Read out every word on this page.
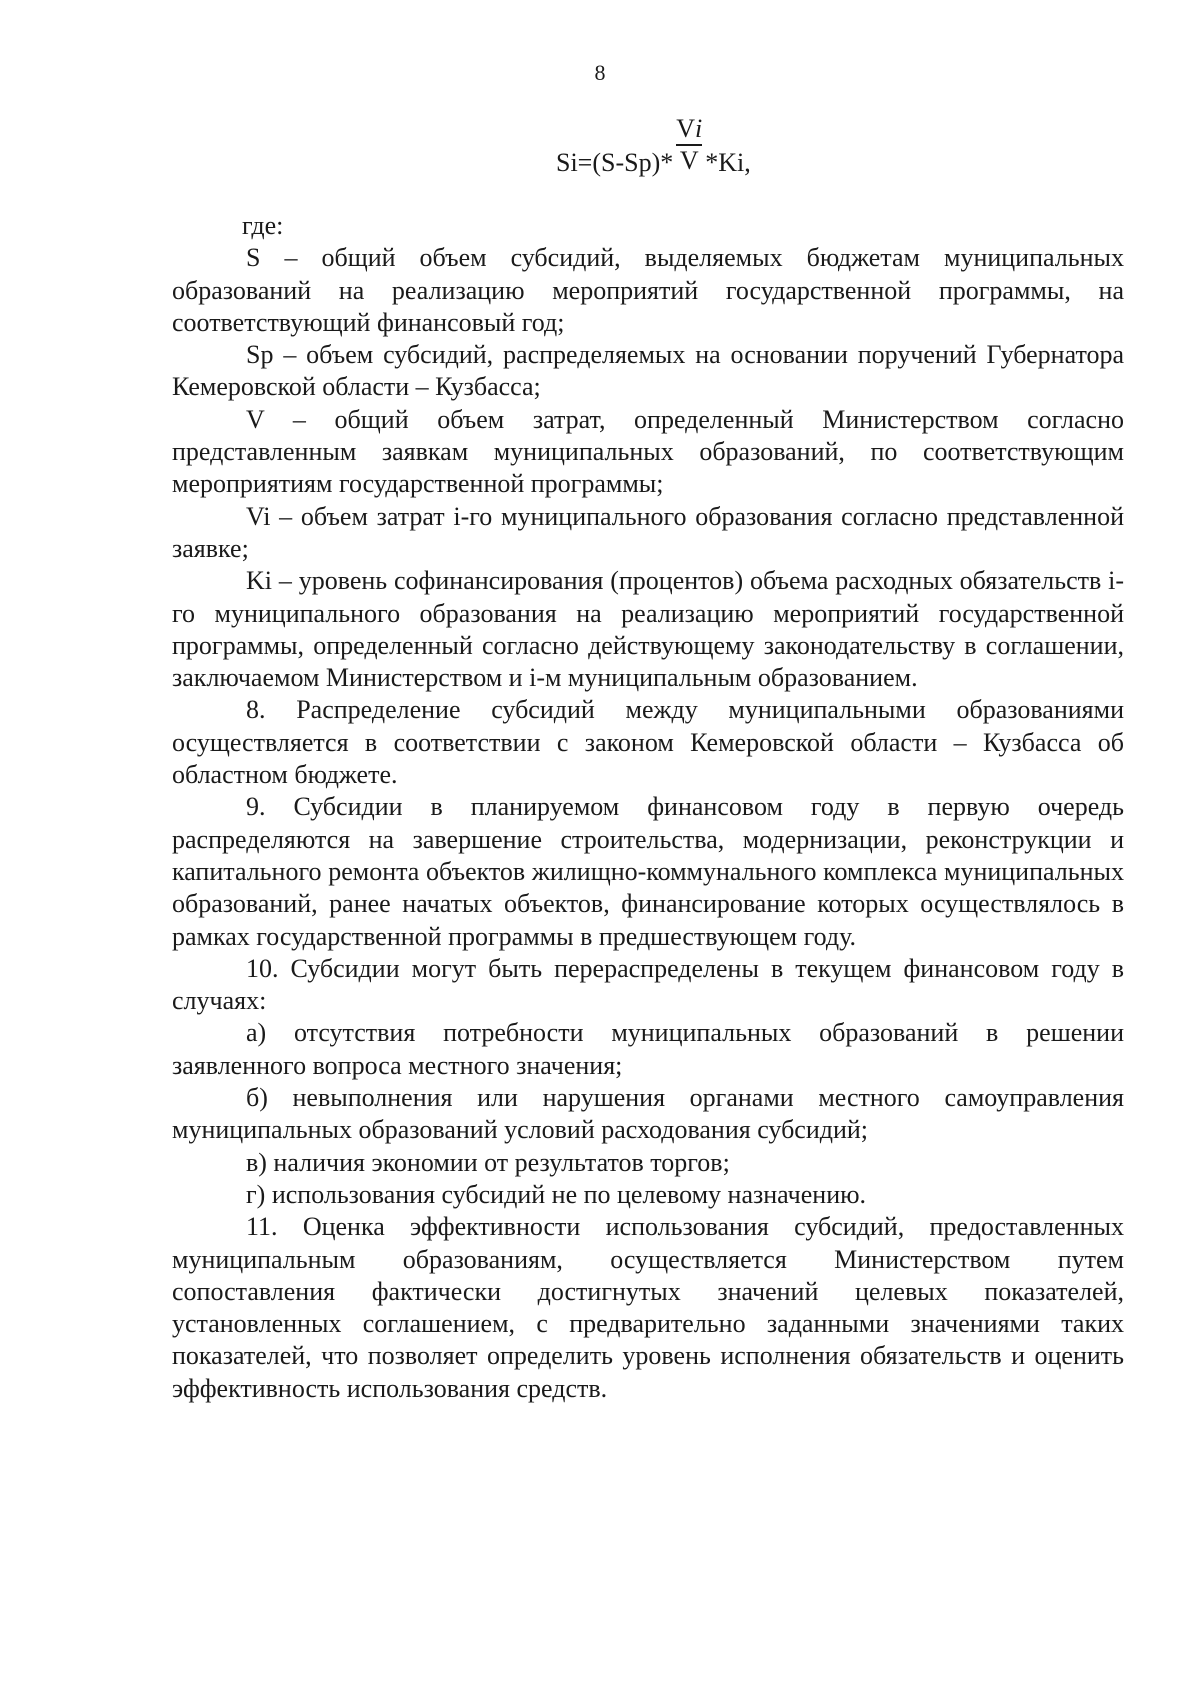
8
$Si=(S-Sp)* \frac{Vi}{V} *Ki$,

где:

S – общий объем субсидий, выделяемых бюджетам муниципальных образований на реализацию мероприятий государственной программы, на соответствующий финансовый год;

Sp – объем субсидий, распределяемых на основании поручений Губернатора Кемеровской области – Кузбасса;

V – общий объем затрат, определенный Министерством согласно представленным заявкам муниципальных образований, по соответствующим мероприятиям государственной программы;

Vi – объем затрат i-го муниципального образования согласно представленной заявке;

Ki – уровень софинансирования (процентов) объема расходных обязательств i-го муниципального образования на реализацию мероприятий государственной программы, определенный согласно действующему законодательству в соглашении, заключаемом Министерством и i-м муниципальным образованием.

8. Распределение субсидий между муниципальными образованиями осуществляется в соответствии с законом Кемеровской области – Кузбасса об областном бюджете.

9. Субсидии в планируемом финансовом году в первую очередь распределяются на завершение строительства, модернизации, реконструкции и капитального ремонта объектов жилищно-коммунального комплекса муниципальных образований, ранее начатых объектов, финансирование которых осуществлялось в рамках государственной программы в предшествующем году.

10. Субсидии могут быть перераспределены в текущем финансовом году в случаях:

а) отсутствия потребности муниципальных образований в решении заявленного вопроса местного значения;

б) невыполнения или нарушения органами местного самоуправления муниципальных образований условий расходования субсидий;

в) наличия экономии от результатов торгов;

г) использования субсидий не по целевому назначению.

11. Оценка эффективности использования субсидий, предоставленных муниципальным образованиям, осуществляется Министерством путем сопоставления фактически достигнутых значений целевых показателей, установленных соглашением, с предварительно заданными значениями таких показателей, что позволяет определить уровень исполнения обязательств и оценить эффективность использования средств.
